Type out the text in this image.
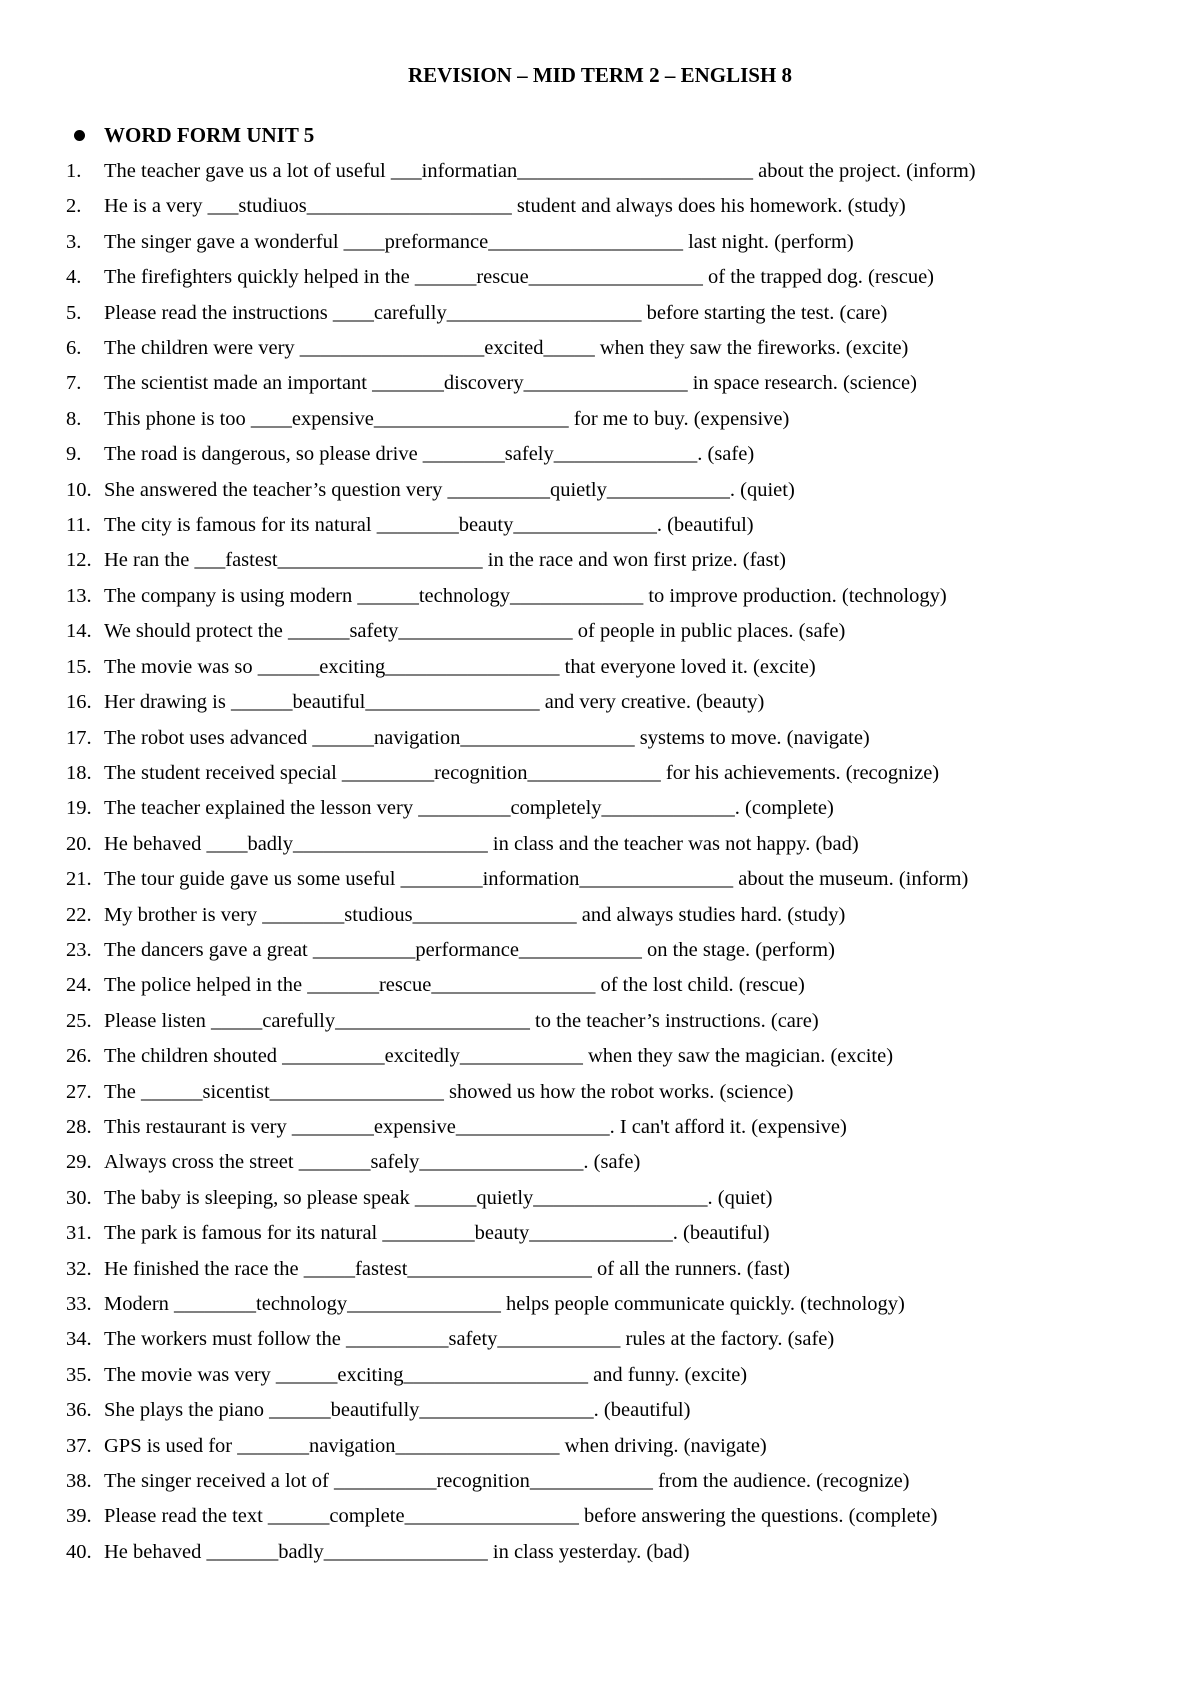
REVISION – MID TERM 2 – ENGLISH 8
WORD FORM UNIT 5
1.	The teacher gave us a lot of useful ___informatian_______________________ about the project. (inform)
2.	He is a very ___studiuos____________________ student and always does his homework. (study)
3.	The singer gave a wonderful ____preformance___________________ last night. (perform)
4.	The firefighters quickly helped in the ______rescue_________________ of the trapped dog. (rescue)
5.	Please read the instructions ____carefully___________________ before starting the test. (care)
6.	The children were very __________________excited_____ when they saw the fireworks. (excite)
7.	The scientist made an important _______discovery________________ in space research. (science)
8.	This phone is too ____expensive___________________ for me to buy. (expensive)
9.	The road is dangerous, so please drive ________safely______________. (safe)
10. She answered the teacher’s question very __________quietly____________. (quiet)
11. The city is famous for its natural ________beauty______________. (beautiful)
12. He ran the ___fastest____________________ in the race and won first prize. (fast)
13. The company is using modern ______technology_____________ to improve production. (technology)
14. We should protect the ______safety_________________ of people in public places. (safe)
15. The movie was so ______exciting_________________ that everyone loved it. (excite)
16. Her drawing is ______beautiful_________________ and very creative. (beauty)
17. The robot uses advanced ______navigation_________________ systems to move. (navigate)
18. The student received special _________recognition_____________ for his achievements. (recognize)
19. The teacher explained the lesson very _________completely_____________. (complete)
20. He behaved ____badly___________________ in class and the teacher was not happy. (bad)
21. The tour guide gave us some useful ________information_______________ about the museum. (inform)
22. My brother is very ________studious________________ and always studies hard. (study)
23. The dancers gave a great __________performance____________ on the stage. (perform)
24. The police helped in the _______rescue________________ of the lost child. (rescue)
25. Please listen _____carefully___________________ to the teacher’s instructions. (care)
26. The children shouted __________excitedly____________ when they saw the magician. (excite)
27. The ______sicentist_________________ showed us how the robot works. (science)
28. This restaurant is very ________expensive_______________. I can't afford it. (expensive)
29. Always cross the street _______safely________________. (safe)
30. The baby is sleeping, so please speak ______quietly_________________. (quiet)
31. The park is famous for its natural _________beauty______________. (beautiful)
32. He finished the race the _____fastest__________________ of all the runners. (fast)
33. Modern ________technology_______________ helps people communicate quickly. (technology)
34. The workers must follow the __________safety____________ rules at the factory. (safe)
35. The movie was very ______exciting__________________ and funny. (excite)
36. She plays the piano ______beautifully_________________. (beautiful)
37. GPS is used for _______navigation________________ when driving. (navigate)
38. The singer received a lot of __________recognition____________ from the audience. (recognize)
39. Please read the text ______complete_________________ before answering the questions. (complete)
40. He behaved _______badly________________ in class yesterday. (bad)
